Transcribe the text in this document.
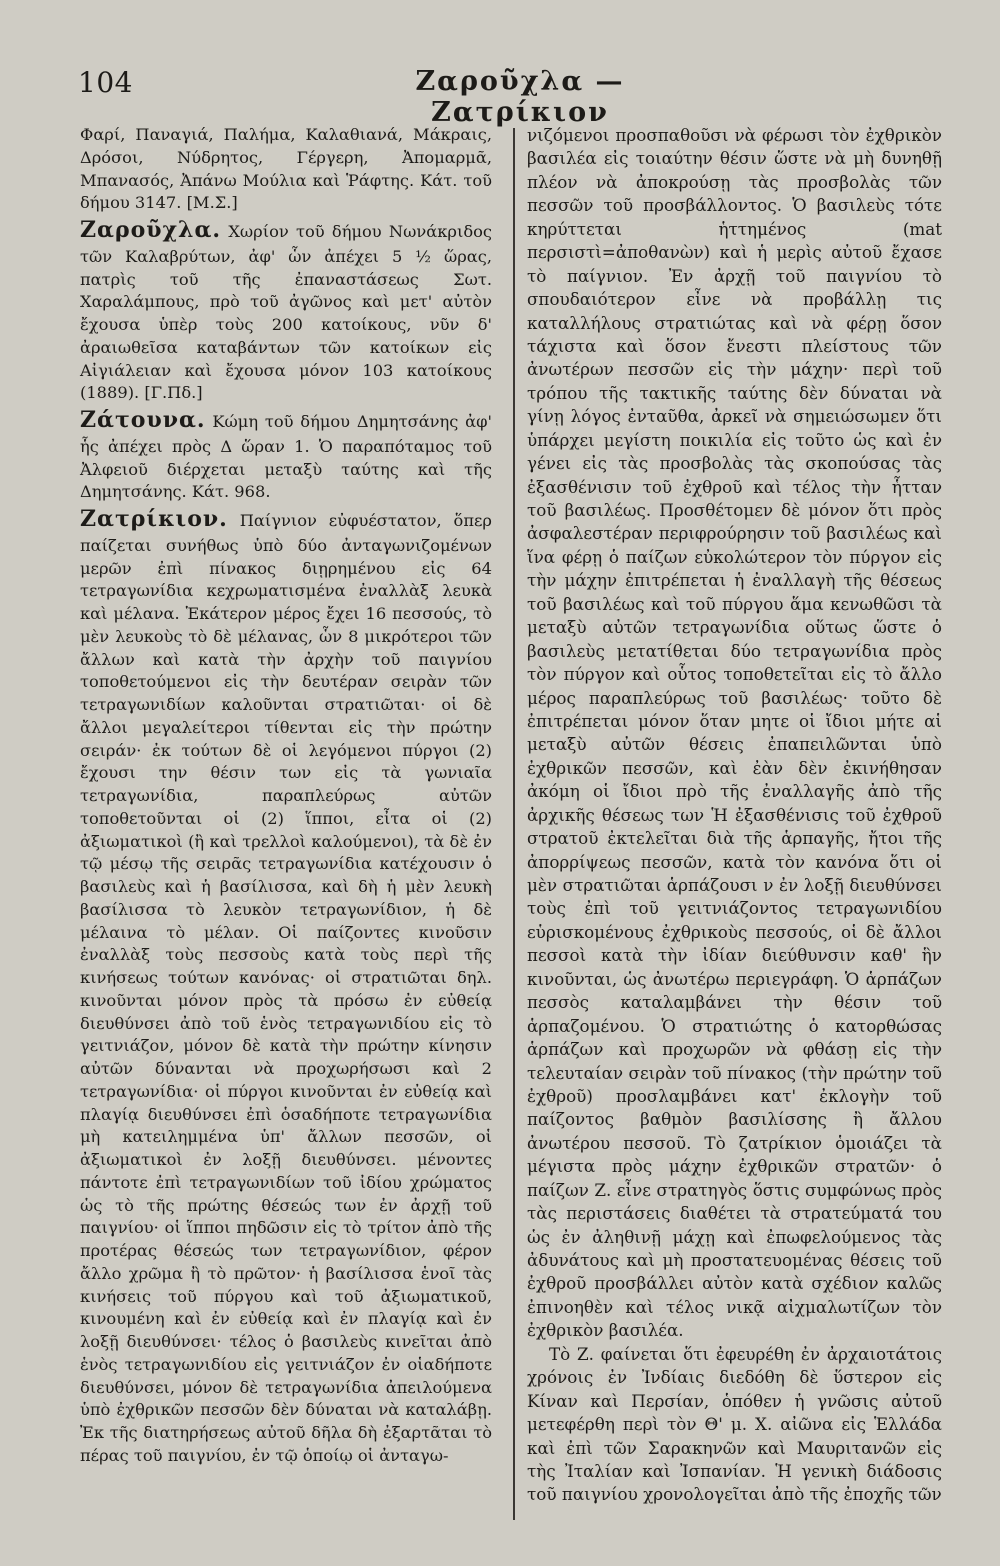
104	Ζαροῦχλα — Ζατρίκιον

Φαρί, Παναγιά, Παλήμα, Καλαθιανά, Μάκραις, Δρόσοι, Νύδρητος, Γέργερη, Ἀπομαρμᾶ, Μπανασός, Ἀπάνω Μούλια καὶ Ῥάφτης. Κάτ. τοῦ δήμου 3147. [Μ.Σ.]

Ζαροῦχλα. Χωρίον τοῦ δήμου Νωνάκριδος τῶν Καλαβρύτων, ἀφ' ὧν ἀπέχει 5 ½ ὥρας, πατρὶς τοῦ τῆς ἐπαναστάσεως Σωτ. Χαραλάμπους, πρὸ τοῦ ἀγῶνος καὶ μετ' αὐτὸν ἔχουσα ὑπὲρ τοὺς 200 κατοίκους, νῦν δ' ἀραιωθεῖσα καταβάντων τῶν κατοίκων εἰς Αἰγιάλειαν καὶ ἔχουσα μόνον 103 κατοίκους (1889). [Γ.Πδ.]

Ζάτουνα. Κώμη τοῦ δήμου Δημητσάνης ἀφ' ἧς ἀπέχει πρὸς Δ ὥραν 1. Ὁ παραπόταμος τοῦ Ἀλφειοῦ διέρχεται μεταξὺ ταύτης καὶ τῆς Δημητσάνης. Κάτ. 968.

Ζατρίκιον. Παίγνιον εὐφυέστατον, ὅπερ παίζεται συνήθως ὑπὸ δύο ἀνταγωνιζομένων μερῶν ἐπὶ πίνακος διῃρημένου εἰς 64 τετραγωνίδια κεχρωματισμένα ἐναλλὰξ λευκὰ καὶ μέλανα. Ἑκάτερον μέρος ἔχει 16 πεσσούς, τὸ μὲν λευκοὺς τὸ δὲ μέλανας, ὧν 8 μικρότεροι τῶν ἄλλων καὶ κατὰ τὴν ἀρχὴν τοῦ παιγνίου τοποθετούμενοι εἰς τὴν δευτέραν σειρὰν τῶν τετραγωνιδίων καλοῦνται στρατιῶται· οἱ δὲ ἄλλοι μεγαλείτεροι τίθενται εἰς τὴν πρώτην σειράν· ἐκ τούτων δὲ οἱ λεγόμενοι πύργοι (2) ἔχουσι την θέσιν των εἰς τὰ γωνιαῖα τετραγωνίδια, παραπλεύρως αὐτῶν τοποθετοῦνται οἱ (2) ἵπποι, εἶτα οἱ (2) ἀξιωματικοὶ (ἢ καὶ τρελλοὶ καλούμενοι), τὰ δὲ ἐν τῷ μέσῳ τῆς σειρᾶς τετραγωνίδια κατέχουσιν ὁ βασιλεὺς καὶ ἡ βασίλισσα, καὶ δὴ ἡ μὲν λευκὴ βασίλισσα τὸ λευκὸν τετραγωνίδιον, ἡ δὲ μέλαινα τὸ μέλαν. Οἱ παίζοντες κινοῦσιν ἐναλλὰξ τοὺς πεσσοὺς κατὰ τοὺς περὶ τῆς κινήσεως τούτων κανόνας· οἱ στρατιῶται δηλ. κινοῦνται μόνον πρὸς τὰ πρόσω ἐν εὐθείᾳ διευθύνσει ἀπὸ τοῦ ἑνὸς τετραγωνιδίου εἰς τὸ γειτνιάζον, μόνον δὲ κατὰ τὴν πρώτην κίνησιν αὐτῶν δύνανται νὰ προχωρήσωσι καὶ 2 τετραγωνίδια· οἱ πύργοι κινοῦνται ἐν εὐθείᾳ καὶ πλαγίᾳ διευθύνσει ἐπὶ ὁσαδήποτε τετραγωνίδια μὴ κατειλημμένα ὑπ' ἄλλων πεσσῶν, οἱ ἀξιωματικοὶ ἐν λοξῇ διευθύνσει. μένοντες πάντοτε ἐπὶ τετραγωνιδίων τοῦ ἰδίου χρώματος ὡς τὸ τῆς πρώτης θέσεώς των ἐν ἀρχῇ τοῦ παιγνίου· οἱ ἵπποι πηδῶσιν εἰς τὸ τρίτον ἀπὸ τῆς προτέρας θέσεώς των τετραγωνίδιον, φέρον ἄλλο χρῶμα ἢ τὸ πρῶτον· ἡ βασίλισσα ἑνοῖ τὰς κινήσεις τοῦ πύργου καὶ τοῦ ἀξιωματικοῦ, κινουμένη καὶ ἐν εὐθείᾳ καὶ ἐν πλαγίᾳ καὶ ἐν λοξῇ διευθύνσει· τέλος ὁ βασιλεὺς κινεῖται ἀπὸ ἑνὸς τετραγωνιδίου εἰς γειτνιάζον ἐν οἱαδήποτε διευθύνσει, μόνον δὲ τετραγωνίδια ἀπειλούμενα ὑπὸ ἐχθρικῶν πεσσῶν δὲν δύναται νὰ καταλάβῃ. Ἐκ τῆς διατηρήσεως αὐτοῦ δῆλα δὴ ἐξαρτᾶται τὸ πέρας τοῦ παιγνίου, ἐν τῷ ὁποίῳ οἱ ἀνταγω-

νιζόμενοι προσπαθοῦσι νὰ φέρωσι τὸν ἐχθρικὸν βασιλέα εἰς τοιαύτην θέσιν ὥστε νὰ μὴ δυνηθῇ πλέον νὰ ἀποκρούσῃ τὰς προσβολὰς τῶν πεσσῶν τοῦ προσβάλλοντος. Ὁ βασιλεὺς τότε κηρύττεται ἡττημένος (mat περσιστὶ=ἀποθανὼν) καὶ ἡ μερὶς αὐτοῦ ἔχασε τὸ παίγνιον. Ἐν ἀρχῇ τοῦ παιγνίου τὸ σπουδαιότερον εἶνε νὰ προβάλλῃ τις καταλλήλους στρατιώτας καὶ νὰ φέρῃ ὅσον τάχιστα καὶ ὅσον ἔνεστι πλείστους τῶν ἀνωτέρων πεσσῶν εἰς τὴν μάχην· περὶ τοῦ τρόπου τῆς τακτικῆς ταύτης δὲν δύναται νὰ γίνῃ λόγος ἐνταῦθα, ἀρκεῖ νὰ σημειώσωμεν ὅτι ὑπάρχει μεγίστη ποικιλία εἰς τοῦτο ὡς καὶ ἐν γένει εἰς τὰς προσβολὰς τὰς σκοπούσας τὰς ἐξασθένισιν τοῦ ἐχθροῦ καὶ τέλος τὴν ἧτταν τοῦ βασιλέως. Προσθέτομεν δὲ μόνον ὅτι πρὸς ἀσφαλεστέραν περιφρούρησιν τοῦ βασιλέως καὶ ἵνα φέρῃ ὁ παίζων εὐκολώτερον τὸν πύργον εἰς τὴν μάχην ἐπιτρέπεται ἡ ἐναλλαγὴ τῆς θέσεως τοῦ βασιλέως καὶ τοῦ πύργου ἅμα κενωθῶσι τὰ μεταξὺ αὐτῶν τετραγωνίδια οὕτως ὥστε ὁ βασιλεὺς μετατίθεται δύο τετραγωνίδια πρὸς τὸν πύργον καὶ οὗτος τοποθετεῖται εἰς τὸ ἄλλο μέρος παραπλεύρως τοῦ βασιλέως· τοῦτο δὲ ἐπιτρέπεται μόνον ὅταν μητε οἱ ἴδιοι μήτε αἱ μεταξὺ αὐτῶν θέσεις ἐπαπειλῶνται ὑπὸ ἐχθρικῶν πεσσῶν, καὶ ἐὰν δὲν ἐκινήθησαν ἀκόμη οἱ ἴδιοι πρὸ τῆς ἐναλλαγῆς ἀπὸ τῆς ἀρχικῆς θέσεως των Ἡ ἐξασθένισις τοῦ ἐχθροῦ στρατοῦ ἐκτελεῖται διὰ τῆς ἁρπαγῆς, ἤτοι τῆς ἀπορρίψεως πεσσῶν, κατὰ τὸν κανόνα ὅτι οἱ μὲν στρατιῶται ἁρπάζουσι ν ἐν λοξῇ διευθύνσει τοὺς ἐπὶ τοῦ γειτνιάζοντος τετραγωνιδίου εὑρισκομένους ἐχθρικοὺς πεσσούς, οἱ δὲ ἄλλοι πεσσοὶ κατὰ τὴν ἰδίαν διεύθυνσιν καθ' ἣν κινοῦνται, ὡς ἀνωτέρω περιεγράφη. Ὁ ἁρπάζων πεσσὸς καταλαμβάνει τὴν θέσιν τοῦ ἁρπαζομένου. Ὁ στρατιώτης ὁ κατορθώσας ἁρπάζων καὶ προχωρῶν νὰ φθάσῃ εἰς τὴν τελευταίαν σειρὰν τοῦ πίνακος (τὴν πρώτην τοῦ ἐχθροῦ) προσλαμβάνει κατ' ἐκλογὴν τοῦ παίζοντος βαθμὸν βασιλίσσης ἢ ἄλλου ἀνωτέρου πεσσοῦ. Τὸ ζατρίκιον ὁμοιάζει τὰ μέγιστα πρὸς μάχην ἐχθρικῶν στρατῶν· ὁ παίζων Ζ. εἶνε στρατηγὸς ὅστις συμφώνως πρὸς τὰς περιστάσεις διαθέτει τὰ στρατεύματά του ὡς ἐν ἀληθινῇ μάχῃ καὶ ἐπωφελούμενος τὰς ἀδυνάτους καὶ μὴ προστατευομένας θέσεις τοῦ ἐχθροῦ προσβάλλει αὐτὸν κατὰ σχέδιον καλῶς ἐπινοηθὲν καὶ τέλος νικᾷ αἰχμαλωτίζων τὸν ἐχθρικὸν βασιλέα.

Τὸ Ζ. φαίνεται ὅτι ἐφευρέθη ἐν ἀρχαιοτάτοις χρόνοις ἐν Ἰνδίαις διεδόθη δὲ ὕστερον εἰς Κίναν καὶ Περσίαν, ὁπόθεν ἡ γνῶσις αὐτοῦ μετεφέρθη περὶ τὸν Θ' μ. Χ. αἰῶνα εἰς Ἑλλάδα καὶ ἐπὶ τῶν Σαρακηνῶν καὶ Μαυριτανῶν εἰς τὴς Ἰταλίαν καὶ Ἰσπανίαν. Ἡ γενικὴ διάδοσις τοῦ παιγνίου χρονολογεῖται ἀπὸ τῆς ἐποχῆς τῶν
